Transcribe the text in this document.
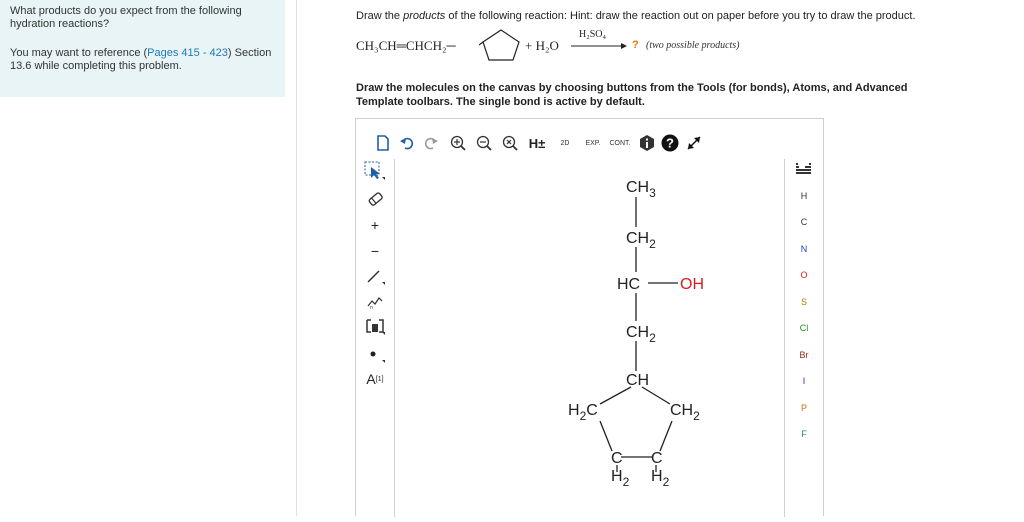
What products do you expect from the following hydration reactions?

You may want to reference (Pages 415 - 423) Section 13.6 while completing this problem.

Draw the products of the following reaction: Hint: draw the reaction out on paper before you try to draw the product.
CH₃CH═CHCH₂─	+ H₂O
H₂SO₄
→ ? (two possible products)
Draw the molecules on the canvas by choosing buttons from the Tools (for bonds), Atoms, and Advanced Template toolbars. The single bond is active by default.
H±	2D	EXP.	CONT.	?
+
−
n
A [1]
$CH_3$
$CH_2$
HC OH
$CH_2$
CH
$H_2C$	$CH_2$
C
$H_2$
C
$H_2$
H
C
N
O
S
Cl
Br
I
P
F
